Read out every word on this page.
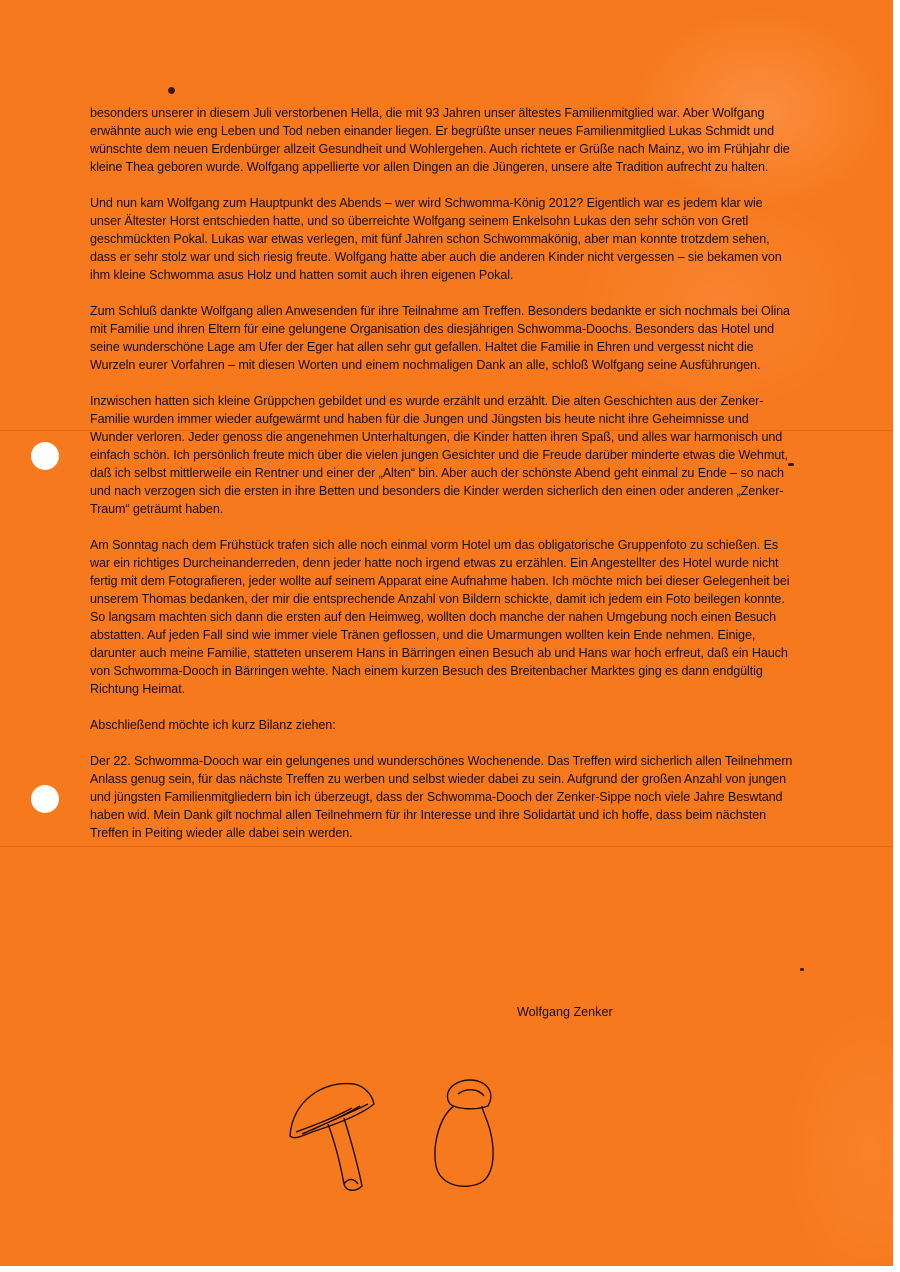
besonders unserer in diesem Juli verstorbenen Hella, die mit 93 Jahren unser ältestes Familienmitglied war. Aber Wolfgang erwähnte auch wie eng Leben und Tod neben einander liegen. Er begrüßte unser neues Familienmitglied Lukas Schmidt und wünschte dem neuen Erdenbürger allzeit Gesundheit und Wohlergehen. Auch richtete er Grüße nach Mainz, wo im Frühjahr die kleine Thea geboren wurde. Wolfgang appellierte vor allen Dingen an die Jüngeren, unsere alte Tradition aufrecht zu halten.

Und nun kam Wolfgang zum Hauptpunkt des Abends – wer wird Schwomma-König 2012? Eigentlich war es jedem klar wie unser Ältester Horst entschieden hatte, und so überreichte Wolfgang seinem Enkelsohn Lukas den sehr schön von Gretl geschmückten Pokal. Lukas war etwas verlegen, mit fünf Jahren schon Schwommakönig, aber man konnte trotzdem sehen, dass er sehr stolz war und sich riesig freute. Wolfgang hatte aber auch die anderen Kinder nicht vergessen – sie bekamen von ihm kleine Schwomma asus Holz und hatten somit auch ihren eigenen Pokal.

Zum Schluß dankte Wolfgang allen Anwesenden für ihre Teilnahme am Treffen. Besonders bedankte er sich nochmals bei Olina mit Familie und ihren Eltern für eine gelungene Organisation des diesjährigen Schwomma-Doochs. Besonders das Hotel und seine wunderschöne Lage am Ufer der Eger hat allen sehr gut gefallen. Haltet die Familie in Ehren und vergesst nicht die Wurzeln eurer Vorfahren – mit diesen Worten und einem nochmaligen Dank an alle, schloß Wolfgang seine Ausführungen.

Inzwischen hatten sich kleine Grüppchen gebildet und es wurde erzählt und erzählt. Die alten Geschichten aus der Zenker-Familie wurden immer wieder aufgewärmt und haben für die Jungen und Jüngsten bis heute nicht ihre Geheimnisse und Wunder verloren. Jeder genoss die angenehmen Unterhaltungen, die Kinder hatten ihren Spaß, und alles war harmonisch und einfach schön. Ich persönlich freute mich über die vielen jungen Gesichter und die Freude darüber minderte etwas die Wehmut, daß ich selbst mittlerweile ein Rentner und einer der „Alten“ bin. Aber auch der schönste Abend geht einmal zu Ende – so nach und nach verzogen sich die ersten in ihre Betten und besonders die Kinder werden sicherlich den einen oder anderen „Zenker-Traum“ geträumt haben.

Am Sonntag nach dem Frühstück trafen sich alle noch einmal vorm Hotel um das obligatorische Gruppenfoto zu schießen. Es war ein richtiges Durcheinanderreden, denn jeder hatte noch irgend etwas zu erzählen. Ein Angestellter des Hotel wurde nicht fertig mit dem Fotografieren, jeder wollte auf seinem Apparat eine Aufnahme haben. Ich möchte mich bei dieser Gelegenheit bei unserem Thomas bedanken, der mir die entsprechende Anzahl von Bildern schickte, damit ich jedem ein Foto beilegen konnte. So langsam machten sich dann die ersten auf den Heimweg, wollten doch manche der nahen Umgebung noch einen Besuch abstatten. Auf jeden Fall sind wie immer viele Tränen geflossen, und die Umarmungen wollten kein Ende nehmen. Einige, darunter auch meine Familie, statteten unserem Hans in Bärringen einen Besuch ab und Hans war hoch erfreut, daß ein Hauch von Schwomma-Dooch in Bärringen wehte. Nach einem kurzen Besuch des Breitenbacher Marktes ging es dann endgültig Richtung Heimat.

Abschließend möchte ich kurz Bilanz ziehen:

Der 22. Schwomma-Dooch war ein gelungenes und wunderschönes Wochenende. Das Treffen wird sicherlich allen Teilnehmern Anlass genug sein, für das nächste Treffen zu werben und selbst wieder dabei zu sein. Aufgrund der großen Anzahl von jungen und jüngsten Familienmitgliedern bin ich überzeugt, dass der Schwomma-Dooch der Zenker-Sippe noch viele Jahre Beswtand haben wid. Mein Dank gilt nochmal allen Teilnehmern für ihr Interesse und ihre Solidartät und ich hoffe, dass beim nächsten Treffen in Peiting wieder alle dabei sein werden.

Wolfgang Zenker
